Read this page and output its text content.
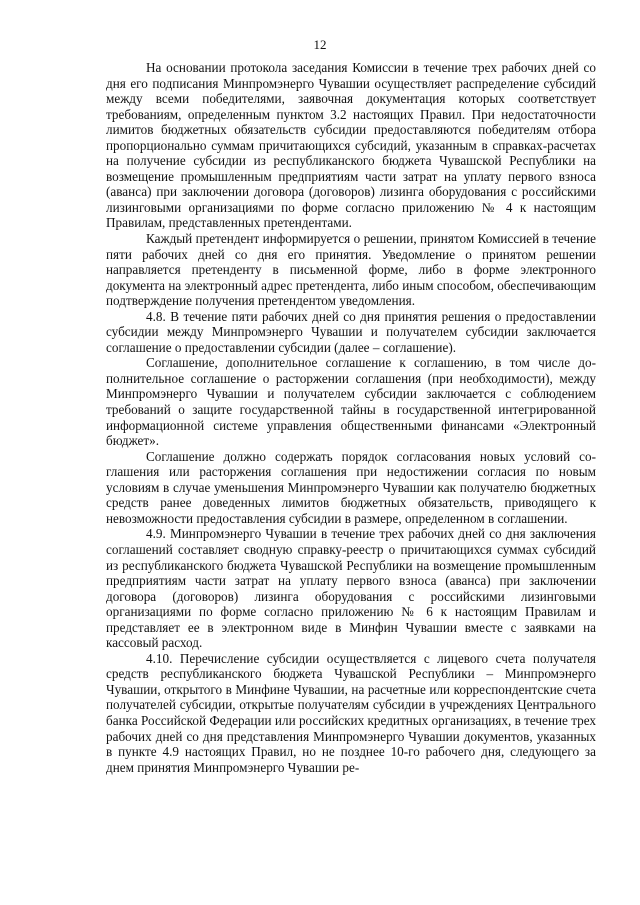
12

На основании протокола заседания Комиссии в течение трех рабочих дней со дня его подписания Минпромэнерго Чувашии осуществляет распределение субсидий между всеми победителями, заявочная документация которых соответствует требованиям, определенным пунктом 3.2 настоящих Правил. При недостаточности лимитов бюджетных обязательств субсидии предоставляются победителям отбора пропорционально суммам причитающихся субсидий, указанным в справках-расчетах на получение субсидии из республиканского бюджета Чувашской Республики на возмещение промышленным предприятиям части затрат на уплату первого взноса (аванса) при заключении договора (договоров) лизинга оборудования с российскими лизинговыми организациями по форме согласно приложению № 4 к настоящим Правилам, представленных претендентами.

Каждый претендент информируется о решении, принятом Комиссией в течение пяти рабочих дней со дня его принятия. Уведомление о принятом решении направляется претенденту в письменной форме, либо в форме электронного документа на электронный адрес претендента, либо иным способом, обеспечивающим подтверждение получения претендентом уведомления.

4.8. В течение пяти рабочих дней со дня принятия решения о предоставлении субсидии между Минпромэнерго Чувашии и получателем субсидии заключается соглашение о предоставлении субсидии (далее – соглашение).

Соглашение, дополнительное соглашение к соглашению, в том числе дополнительное соглашение о расторжении соглашения (при необходимости), между Минпромэнерго Чувашии и получателем субсидии заключается с соблюдением требований о защите государственной тайны в государственной интегрированной информационной системе управления общественными финансами «Электронный бюджет».

Соглашение должно содержать порядок согласования новых условий соглашения или расторжения соглашения при недостижении согласия по новым условиям в случае уменьшения Минпромэнерго Чувашии как получателю бюджетных средств ранее доведенных лимитов бюджетных обязательств, приводящего к невозможности предоставления субсидии в размере, определенном в соглашении.

4.9. Минпромэнерго Чувашии в течение трех рабочих дней со дня заключения соглашений составляет сводную справку-реестр о причитающихся суммах субсидий из республиканского бюджета Чувашской Республики на возмещение промышленным предприятиям части затрат на уплату первого взноса (аванса) при заключении договора (договоров) лизинга оборудования с российскими лизинговыми организациями по форме согласно приложению № 6 к настоящим Правилам и представляет ее в электронном виде в Минфин Чувашии вместе с заявками на кассовый расход.

4.10. Перечисление субсидии осуществляется с лицевого счета получателя средств республиканского бюджета Чувашской Республики – Минпромэнерго Чувашии, открытого в Минфине Чувашии, на расчетные или корреспондентские счета получателей субсидии, открытые получателям субсидии в учреждениях Центрального банка Российской Федерации или российских кредитных организациях, в течение трех рабочих дней со дня представления Минпромэнерго Чувашии документов, указанных в пункте 4.9 настоящих Правил, но не позднее 10-го рабочего дня, следующего за днем принятия Минпромэнерго Чувашии ре-
